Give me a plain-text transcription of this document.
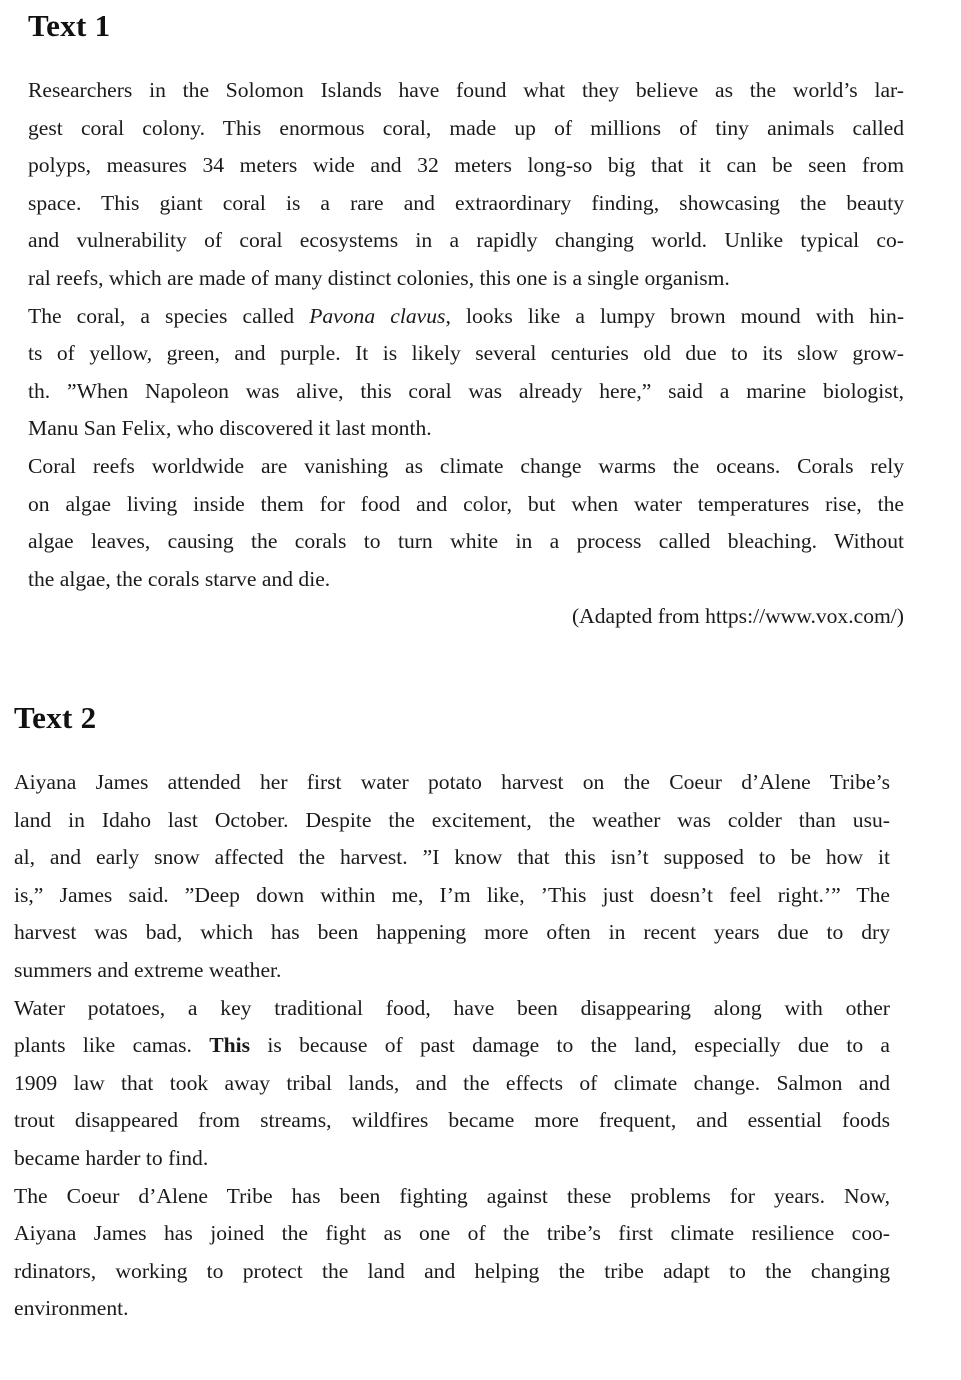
Text 1
Researchers in the Solomon Islands have found what they believe as the world’s lar-
gest coral colony. This enormous coral, made up of millions of tiny animals called
polyps, measures 34 meters wide and 32 meters long-so big that it can be seen from
space. This giant coral is a rare and extraordinary finding, showcasing the beauty
and vulnerability of coral ecosystems in a rapidly changing world. Unlike typical co-
ral reefs, which are made of many distinct colonies, this one is a single organism.
The coral, a species called Pavona clavus, looks like a lumpy brown mound with hin-
ts of yellow, green, and purple. It is likely several centuries old due to its slow grow-
th. ”When Napoleon was alive, this coral was already here,” said a marine biologist,
Manu San Felix, who discovered it last month.
Coral reefs worldwide are vanishing as climate change warms the oceans. Corals rely
on algae living inside them for food and color, but when water temperatures rise, the
algae leaves, causing the corals to turn white in a process called bleaching. Without
the algae, the corals starve and die.
(Adapted from https://www.vox.com/)
Text 2
Aiyana James attended her first water potato harvest on the Coeur d’Alene Tribe’s
land in Idaho last October. Despite the excitement, the weather was colder than usu-
al, and early snow affected the harvest. ”I know that this isn’t supposed to be how it
is,” James said. ”Deep down within me, I’m like, ’This just doesn’t feel right.’” The
harvest was bad, which has been happening more often in recent years due to dry
summers and extreme weather.
Water potatoes, a key traditional food, have been disappearing along with other
plants like camas. This is because of past damage to the land, especially due to a
1909 law that took away tribal lands, and the effects of climate change. Salmon and
trout disappeared from streams, wildfires became more frequent, and essential foods
became harder to find.
The Coeur d’Alene Tribe has been fighting against these problems for years. Now,
Aiyana James has joined the fight as one of the tribe’s first climate resilience coo-
rdinators, working to protect the land and helping the tribe adapt to the changing
environment.
